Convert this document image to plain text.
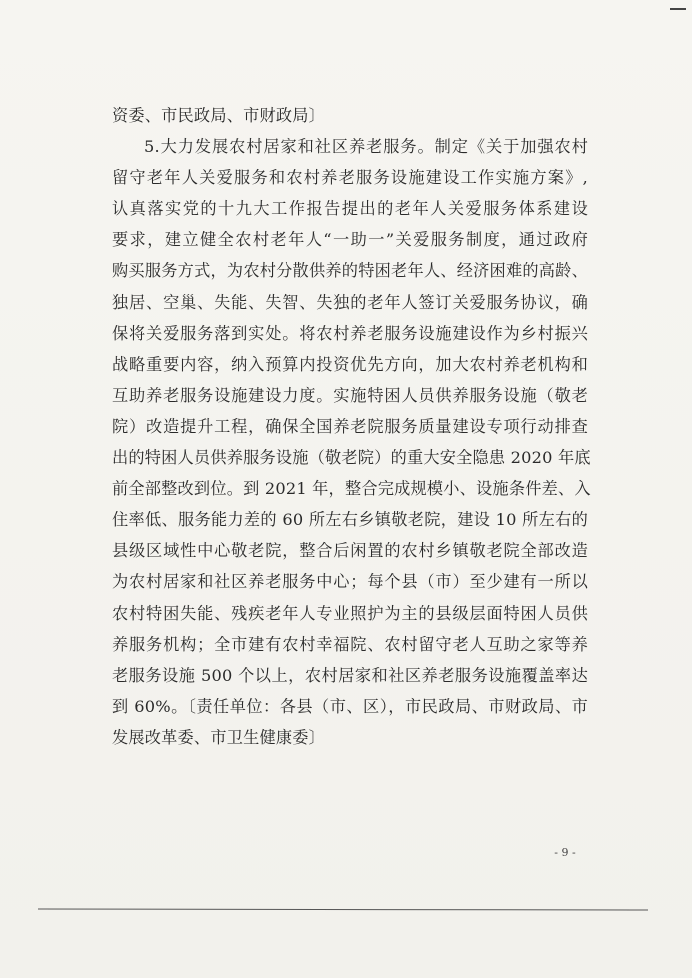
资委、市民政局、市财政局〕
5.大力发展农村居家和社区养老服务。制定《关于加强农村
留守老年人关爱服务和农村养老服务设施建设工作实施方案》,
认真落实党的十九大工作报告提出的老年人关爱服务体系建设
要求，建立健全农村老年人“一助一”关爱服务制度，通过政府
购买服务方式，为农村分散供养的特困老年人、经济困难的高龄、
独居、空巢、失能、失智、失独的老年人签订关爱服务协议，确
保将关爱服务落到实处。将农村养老服务设施建设作为乡村振兴
战略重要内容，纳入预算内投资优先方向，加大农村养老机构和
互助养老服务设施建设力度。实施特困人员供养服务设施（敬老
院）改造提升工程，确保全国养老院服务质量建设专项行动排查
出的特困人员供养服务设施（敬老院）的重大安全隐患 2020 年底
前全部整改到位。到 2021 年，整合完成规模小、设施条件差、入
住率低、服务能力差的 60 所左右乡镇敬老院，建设 10 所左右的
县级区域性中心敬老院，整合后闲置的农村乡镇敬老院全部改造
为农村居家和社区养老服务中心；每个县（市）至少建有一所以
农村特困失能、残疾老年人专业照护为主的县级层面特困人员供
养服务机构；全市建有农村幸福院、农村留守老人互助之家等养
老服务设施 500 个以上，农村居家和社区养老服务设施覆盖率达
到 60%。〔责任单位：各县（市、区），市民政局、市财政局、市
发展改革委、市卫生健康委〕
- 9 -
